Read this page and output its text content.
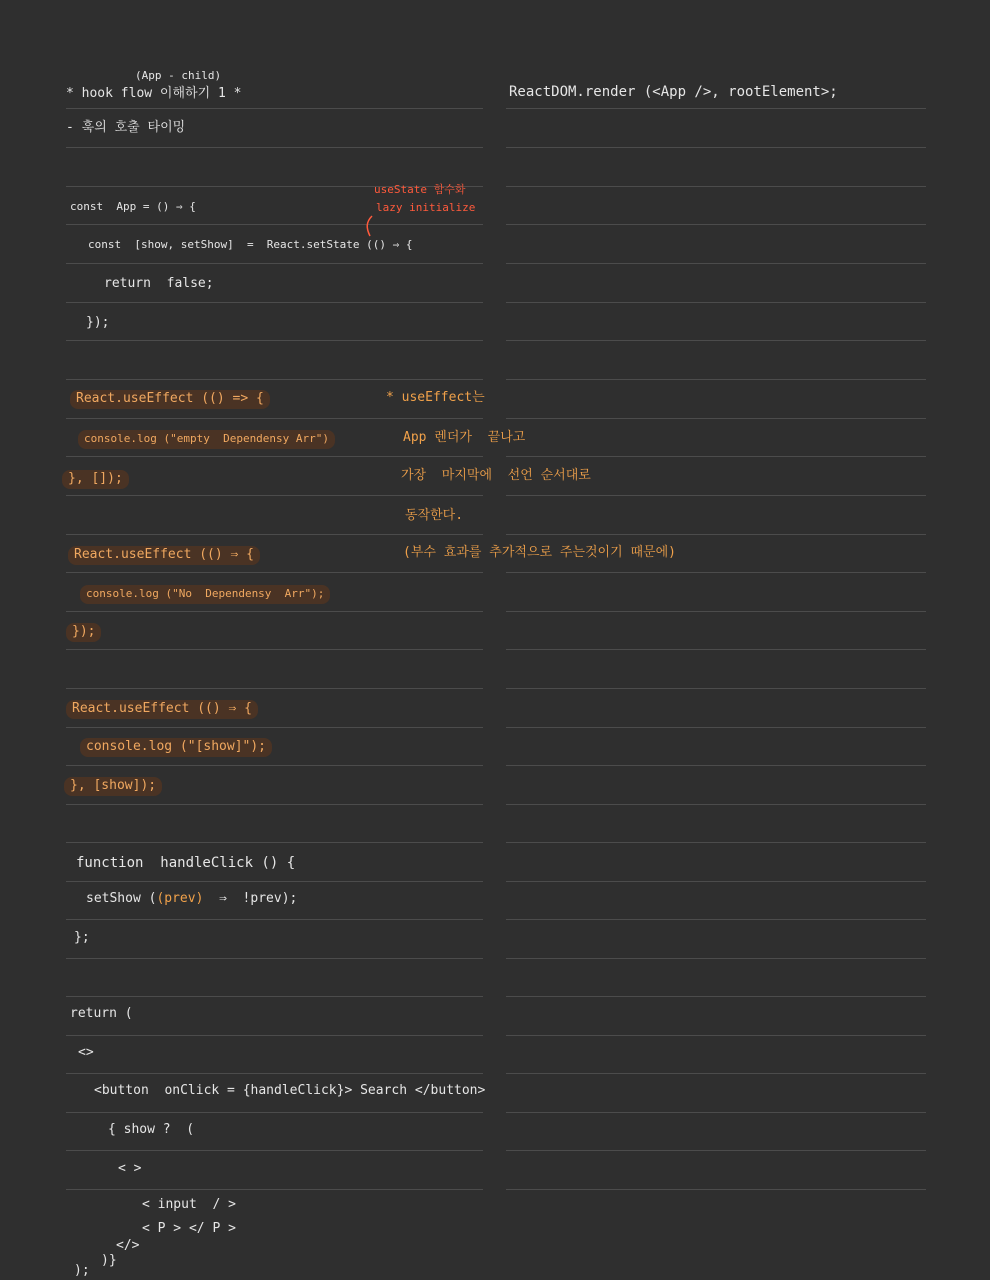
(App - child)
* hook flow 이해하기 1 *
- 훅의 호출 타이밍
const  App = () ⇒ {
useState 함수화
lazy initialize
const  [show, setShow]  =  React.setState (() ⇒ {
return  false;
});
React.useEffect (() => {
console.log ("empty  Dependensy Arr")
}, []);
* useEffect는
App 렌더가  끝나고
가장  마지막에  선언 순서대로
동작한다.
(부수 효과를 추가적으로 주는것이기 때문에)
React.useEffect (() ⇒ {
console.log ("No  Dependensy  Arr");
});
React.useEffect (() ⇒ {
console.log ("[show]");
}, [show]);
function  handleClick () {
setShow ((prev)  ⇒  !prev);
};
return (
<>
<button  onClick = {handleClick}> Search </button>
{ show ?  (
< >
< input  / >
< P > </ P >
</>
)}
);
ReactDOM.render (<App />, rootElement>;
